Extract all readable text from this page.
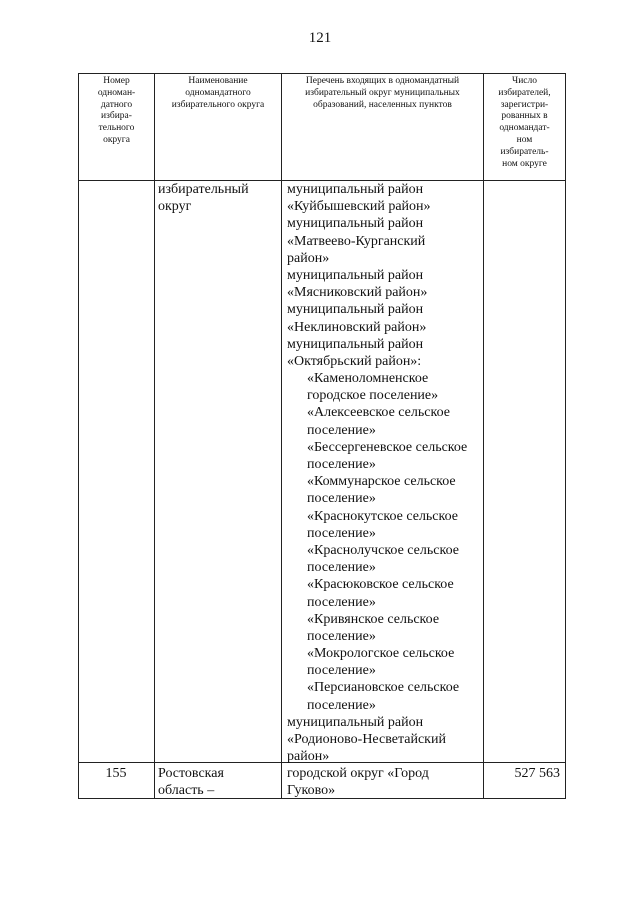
121
Номер
одноман-
датного
избира-
тельного
округа
Наименование
одномандатного
избирательного округа
Перечень входящих в одномандатный
избирательный округ муниципальных
образований, населенных пунктов
Число
избирателей,
зарегистри-
рованных в
одномандат-
ном
избиратель-
ном округе
избирательный
округ
муниципальный район
«Куйбышевский район»
муниципальный район
«Матвеево-Курганский
район»
муниципальный район
«Мясниковский район»
муниципальный район
«Неклиновский район»
муниципальный район
«Октябрьский район»:
«Каменоломненское
городское поселение»
«Алексеевское сельское
поселение»
«Бессергеневское сельское
поселение»
«Коммунарское сельское
поселение»
«Краснокутское сельское
поселение»
«Краснолучское сельское
поселение»
«Красюковское сельское
поселение»
«Кривянское сельское
поселение»
«Мокрологское сельское
поселение»
«Персиановское сельское
поселение»
муниципальный район
«Родионово-Несветайский
район»
155	Ростовская
область –
городской округ «Город
Гуково»
527 563
